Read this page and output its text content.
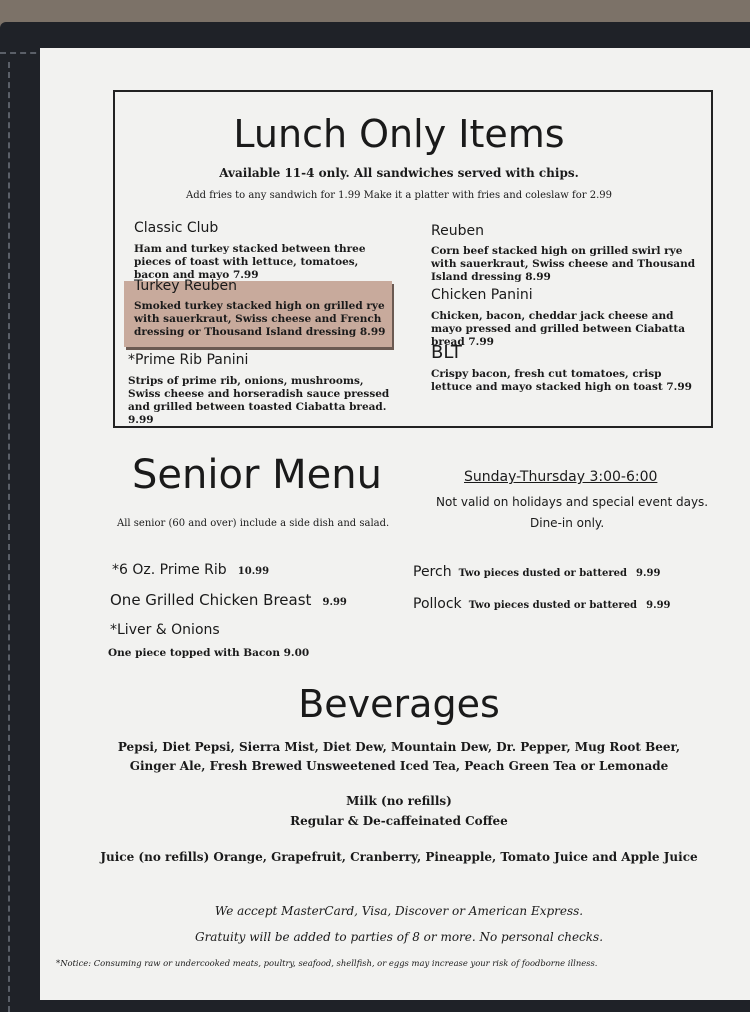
Lunch Only Items
Available 11-4 only. All sandwiches served with chips.
Add fries to any sandwich for 1.99 Make it a platter with fries and coleslaw for 2.99
Classic Club
Ham and turkey stacked between three pieces of toast with lettuce, tomatoes, bacon and mayo 7.99
Turkey Reuben
Smoked turkey stacked high on grilled rye with sauerkraut, Swiss cheese and French dressing or Thousand Island dressing 8.99
*Prime Rib Panini
Strips of prime rib, onions, mushrooms, Swiss cheese and horseradish sauce pressed and grilled between toasted Ciabatta bread. 9.99
Reuben
Corn beef stacked high on grilled swirl rye with sauerkraut, Swiss cheese and Thousand Island dressing 8.99
Chicken Panini
Chicken, bacon, cheddar jack cheese and mayo pressed and grilled between Ciabatta bread 7.99
BLT
Crispy bacon, fresh cut tomatoes, crisp lettuce and mayo stacked high on toast 7.99
Senior Menu
All senior (60 and over) include a side dish and salad.
Sunday-Thursday 3:00-6:00
Not valid on holidays and special event days.
Dine-in only.
*6 Oz. Prime Rib 10.99
One Grilled Chicken Breast 9.99
*Liver & Onions
One piece topped with Bacon 9.00
Perch Two pieces dusted or battered 9.99
Pollock Two pieces dusted or battered 9.99
Beverages
Pepsi, Diet Pepsi, Sierra Mist, Diet Dew, Mountain Dew, Dr. Pepper, Mug Root Beer,
Ginger Ale, Fresh Brewed Unsweetened Iced Tea, Peach Green Tea or Lemonade
Milk (no refills)
Regular & De-caffeinated Coffee
Juice (no refills) Orange, Grapefruit, Cranberry, Pineapple, Tomato Juice and Apple Juice
We accept MasterCard, Visa, Discover or American Express.
Gratuity will be added to parties of 8 or more. No personal checks.
*Notice: Consuming raw or undercooked meats, poultry, seafood, shellfish, or eggs may increase your risk of foodborne illness.
